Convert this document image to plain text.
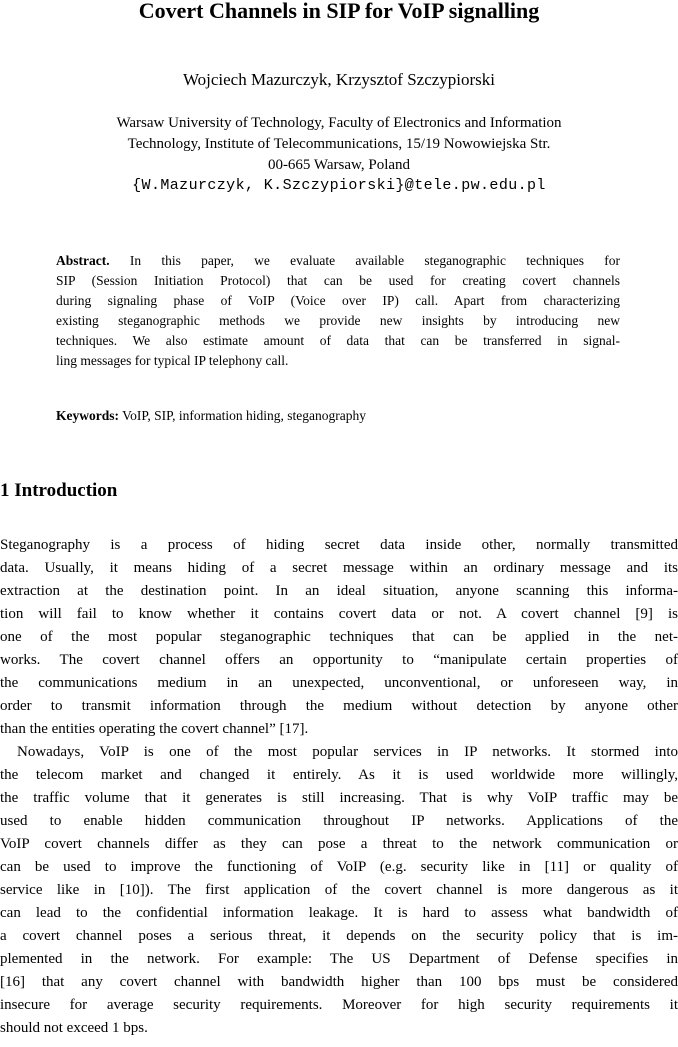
Covert Channels in SIP for VoIP signalling
Wojciech Mazurczyk, Krzysztof Szczypiorski
Warsaw University of Technology, Faculty of Electronics and Information
Technology, Institute of Telecommunications, 15/19 Nowowiejska Str.
00-665 Warsaw, Poland
{W.Mazurczyk, K.Szczypiorski}@tele.pw.edu.pl
Abstract. In this paper, we evaluate available steganographic techniques for
SIP (Session Initiation Protocol) that can be used for creating covert channels
during signaling phase of VoIP (Voice over IP) call. Apart from characterizing
existing steganographic methods we provide new insights by introducing new
techniques. We also estimate amount of data that can be transferred in signal-
ling messages for typical IP telephony call.
Keywords: VoIP, SIP, information hiding, steganography
1 Introduction
Steganography is a process of hiding secret data inside other, normally transmitted
data. Usually, it means hiding of a secret message within an ordinary message and its
extraction at the destination point. In an ideal situation, anyone scanning this informa-
tion will fail to know whether it contains covert data or not. A covert channel [9] is
one of the most popular steganographic techniques that can be applied in the net-
works. The covert channel offers an opportunity to “manipulate certain properties of
the communications medium in an unexpected, unconventional, or unforeseen way, in
order to transmit information through the medium without detection by anyone other
than the entities operating the covert channel” [17].
Nowadays, VoIP is one of the most popular services in IP networks. It stormed into
the telecom market and changed it entirely. As it is used worldwide more willingly,
the traffic volume that it generates is still increasing. That is why VoIP traffic may be
used to enable hidden communication throughout IP networks. Applications of the
VoIP covert channels differ as they can pose a threat to the network communication or
can be used to improve the functioning of VoIP (e.g. security like in [11] or quality of
service like in [10]). The first application of the covert channel is more dangerous as it
can lead to the confidential information leakage. It is hard to assess what bandwidth of
a covert channel poses a serious threat, it depends on the security policy that is im-
plemented in the network. For example: The US Department of Defense specifies in
[16] that any covert channel with bandwidth higher than 100 bps must be considered
insecure for average security requirements. Moreover for high security requirements it
should not exceed 1 bps.
